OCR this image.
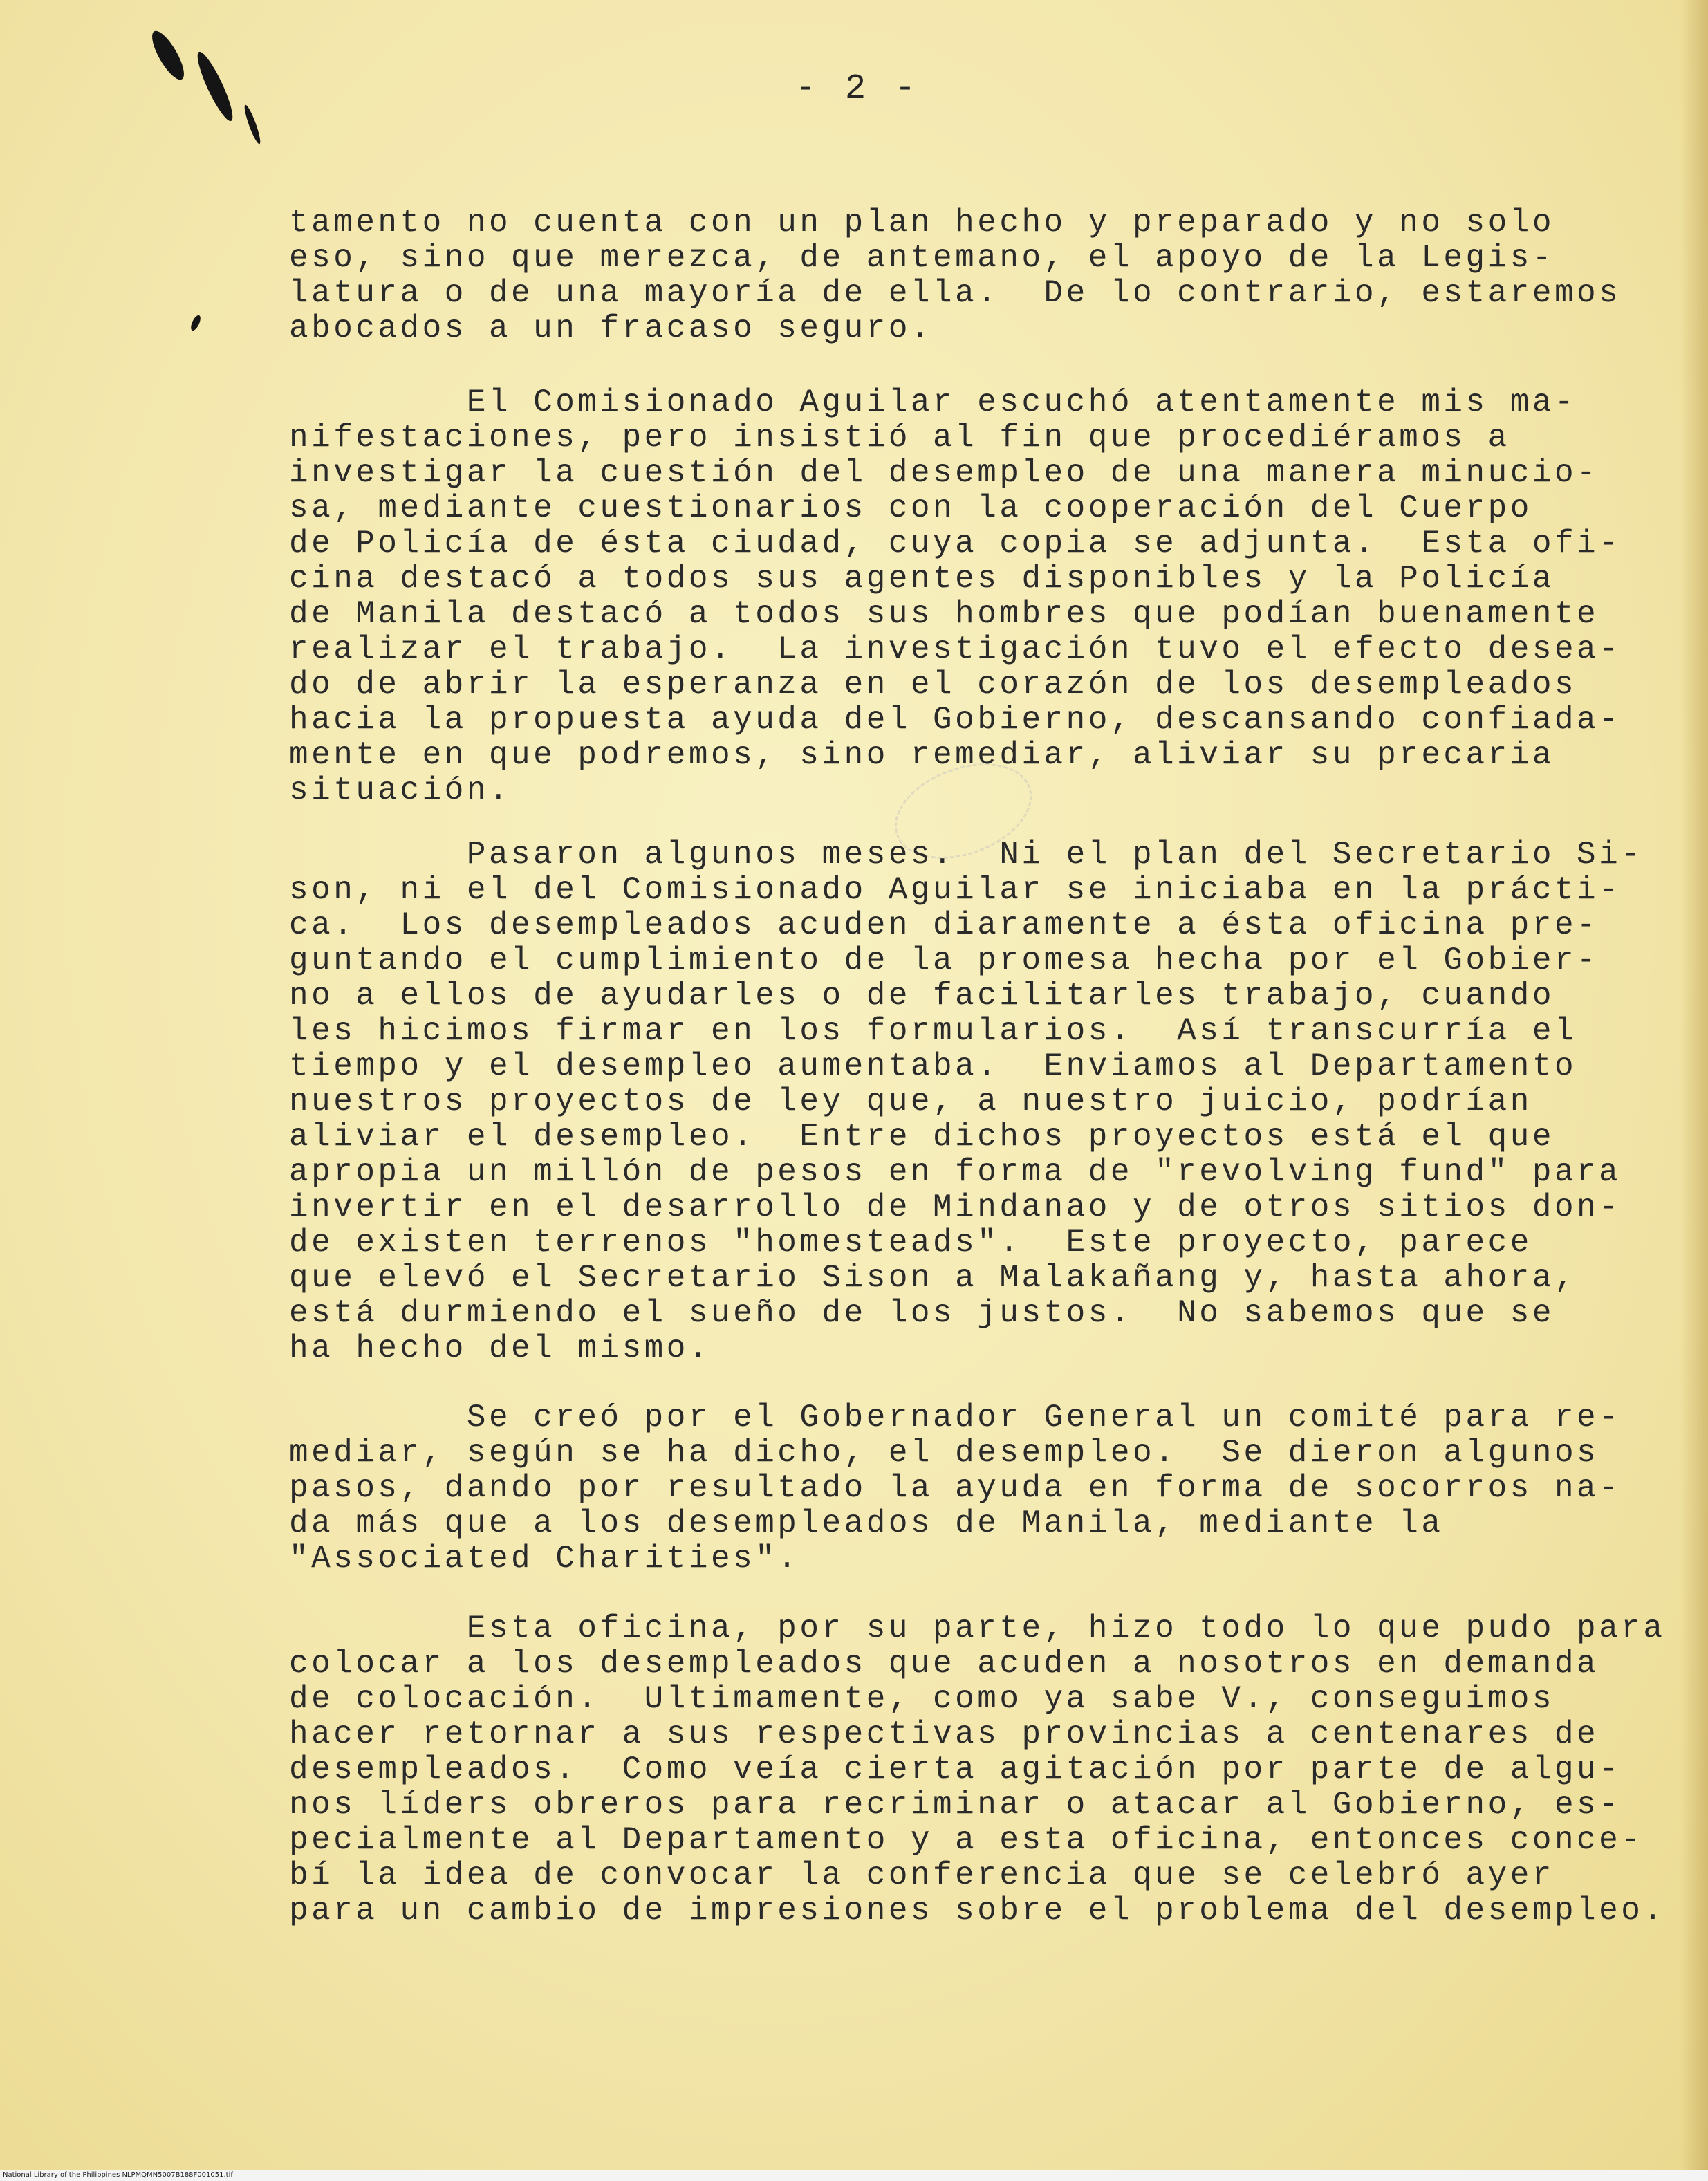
- 2 -

tamento no cuenta con un plan hecho y preparado y no solo
eso, sino que merezca, de antemano, el apoyo de la Legis-
latura o de una mayoría de ella.  De lo contrario, estaremos
abocados a un fracaso seguro.

El Comisionado Aguilar escuchó atentamente mis ma-
nifestaciones, pero insistió al fin que procediéramos a
investigar la cuestión del desempleo de una manera minucio-
sa, mediante cuestionarios con la cooperación del Cuerpo
de Policía de ésta ciudad, cuya copia se adjunta.  Esta ofi-
cina destacó a todos sus agentes disponibles y la Policía
de Manila destacó a todos sus hombres que podían buenamente
realizar el trabajo.  La investigación tuvo el efecto desea-
do de abrir la esperanza en el corazón de los desempleados
hacia la propuesta ayuda del Gobierno, descansando confiada-
mente en que podremos, sino remediar, aliviar su precaria
situación.

Pasaron algunos meses.  Ni el plan del Secretario Si-
son, ni el del Comisionado Aguilar se iniciaba en la prácti-
ca.  Los desempleados acuden diaramente a ésta oficina pre-
guntando el cumplimiento de la promesa hecha por el Gobier-
no a ellos de ayudarles o de facilitarles trabajo, cuando
les hicimos firmar en los formularios.  Así transcurría el
tiempo y el desempleo aumentaba.  Enviamos al Departamento
nuestros proyectos de ley que, a nuestro juicio, podrían
aliviar el desempleo.  Entre dichos proyectos está el que
apropia un millón de pesos en forma de "revolving fund" para
invertir en el desarrollo de Mindanao y de otros sitios don-
de existen terrenos "homesteads".  Este proyecto, parece
que elevó el Secretario Sison a Malakañang y, hasta ahora,
está durmiendo el sueño de los justos.  No sabemos que se
ha hecho del mismo.

Se creó por el Gobernador General un comité para re-
mediar, según se ha dicho, el desempleo.  Se dieron algunos
pasos, dando por resultado la ayuda en forma de socorros na-
da más que a los desempleados de Manila, mediante la
"Associated Charities".

Esta oficina, por su parte, hizo todo lo que pudo para
colocar a los desempleados que acuden a nosotros en demanda
de colocación.  Ultimamente, como ya sabe V., conseguimos
hacer retornar a sus respectivas provincias a centenares de
desempleados.  Como veía cierta agitación por parte de algu-
nos líders obreros para recriminar o atacar al Gobierno, es-
pecialmente al Departamento y a esta oficina, entonces conce-
bí la idea de convocar la conferencia que se celebró ayer
para un cambio de impresiones sobre el problema del desempleo.

National Library of the Philippines NLPMQMN5007B188F001051.tif
